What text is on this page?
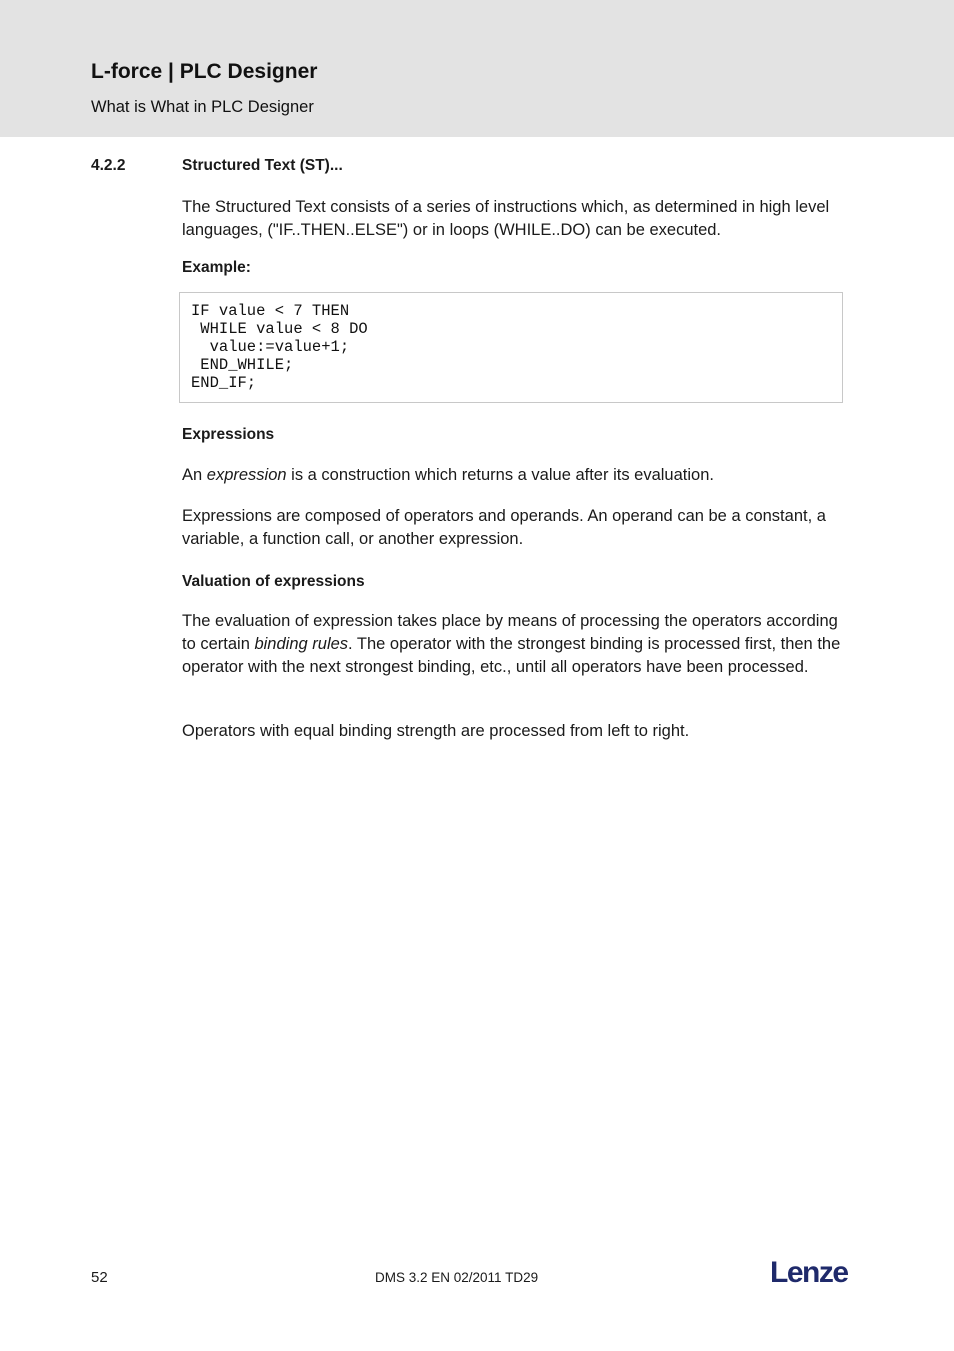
L-force | PLC Designer
What is What in PLC Designer
4.2.2	Structured Text (ST)...

The Structured Text consists of a series of instructions which, as determined in high level languages, ("IF..THEN..ELSE") or in loops (WHILE..DO) can be executed.

Example:

IF value < 7 THEN
WHILE value < 8 DO
value:=value+1;
END_WHILE;
END_IF;

Expressions

An expression is a construction which returns a value after its evaluation.

Expressions are composed of operators and operands. An operand can be a constant, a variable, a function call, or another expression.

Valuation of expressions

The evaluation of expression takes place by means of processing the operators according to certain binding rules. The operator with the strongest binding is processed first, then the operator with the next strongest binding, etc., until all operators have been processed.

Operators with equal binding strength are processed from left to right.

52	DMS 3.2 EN 02/2011 TD29	Lenze
